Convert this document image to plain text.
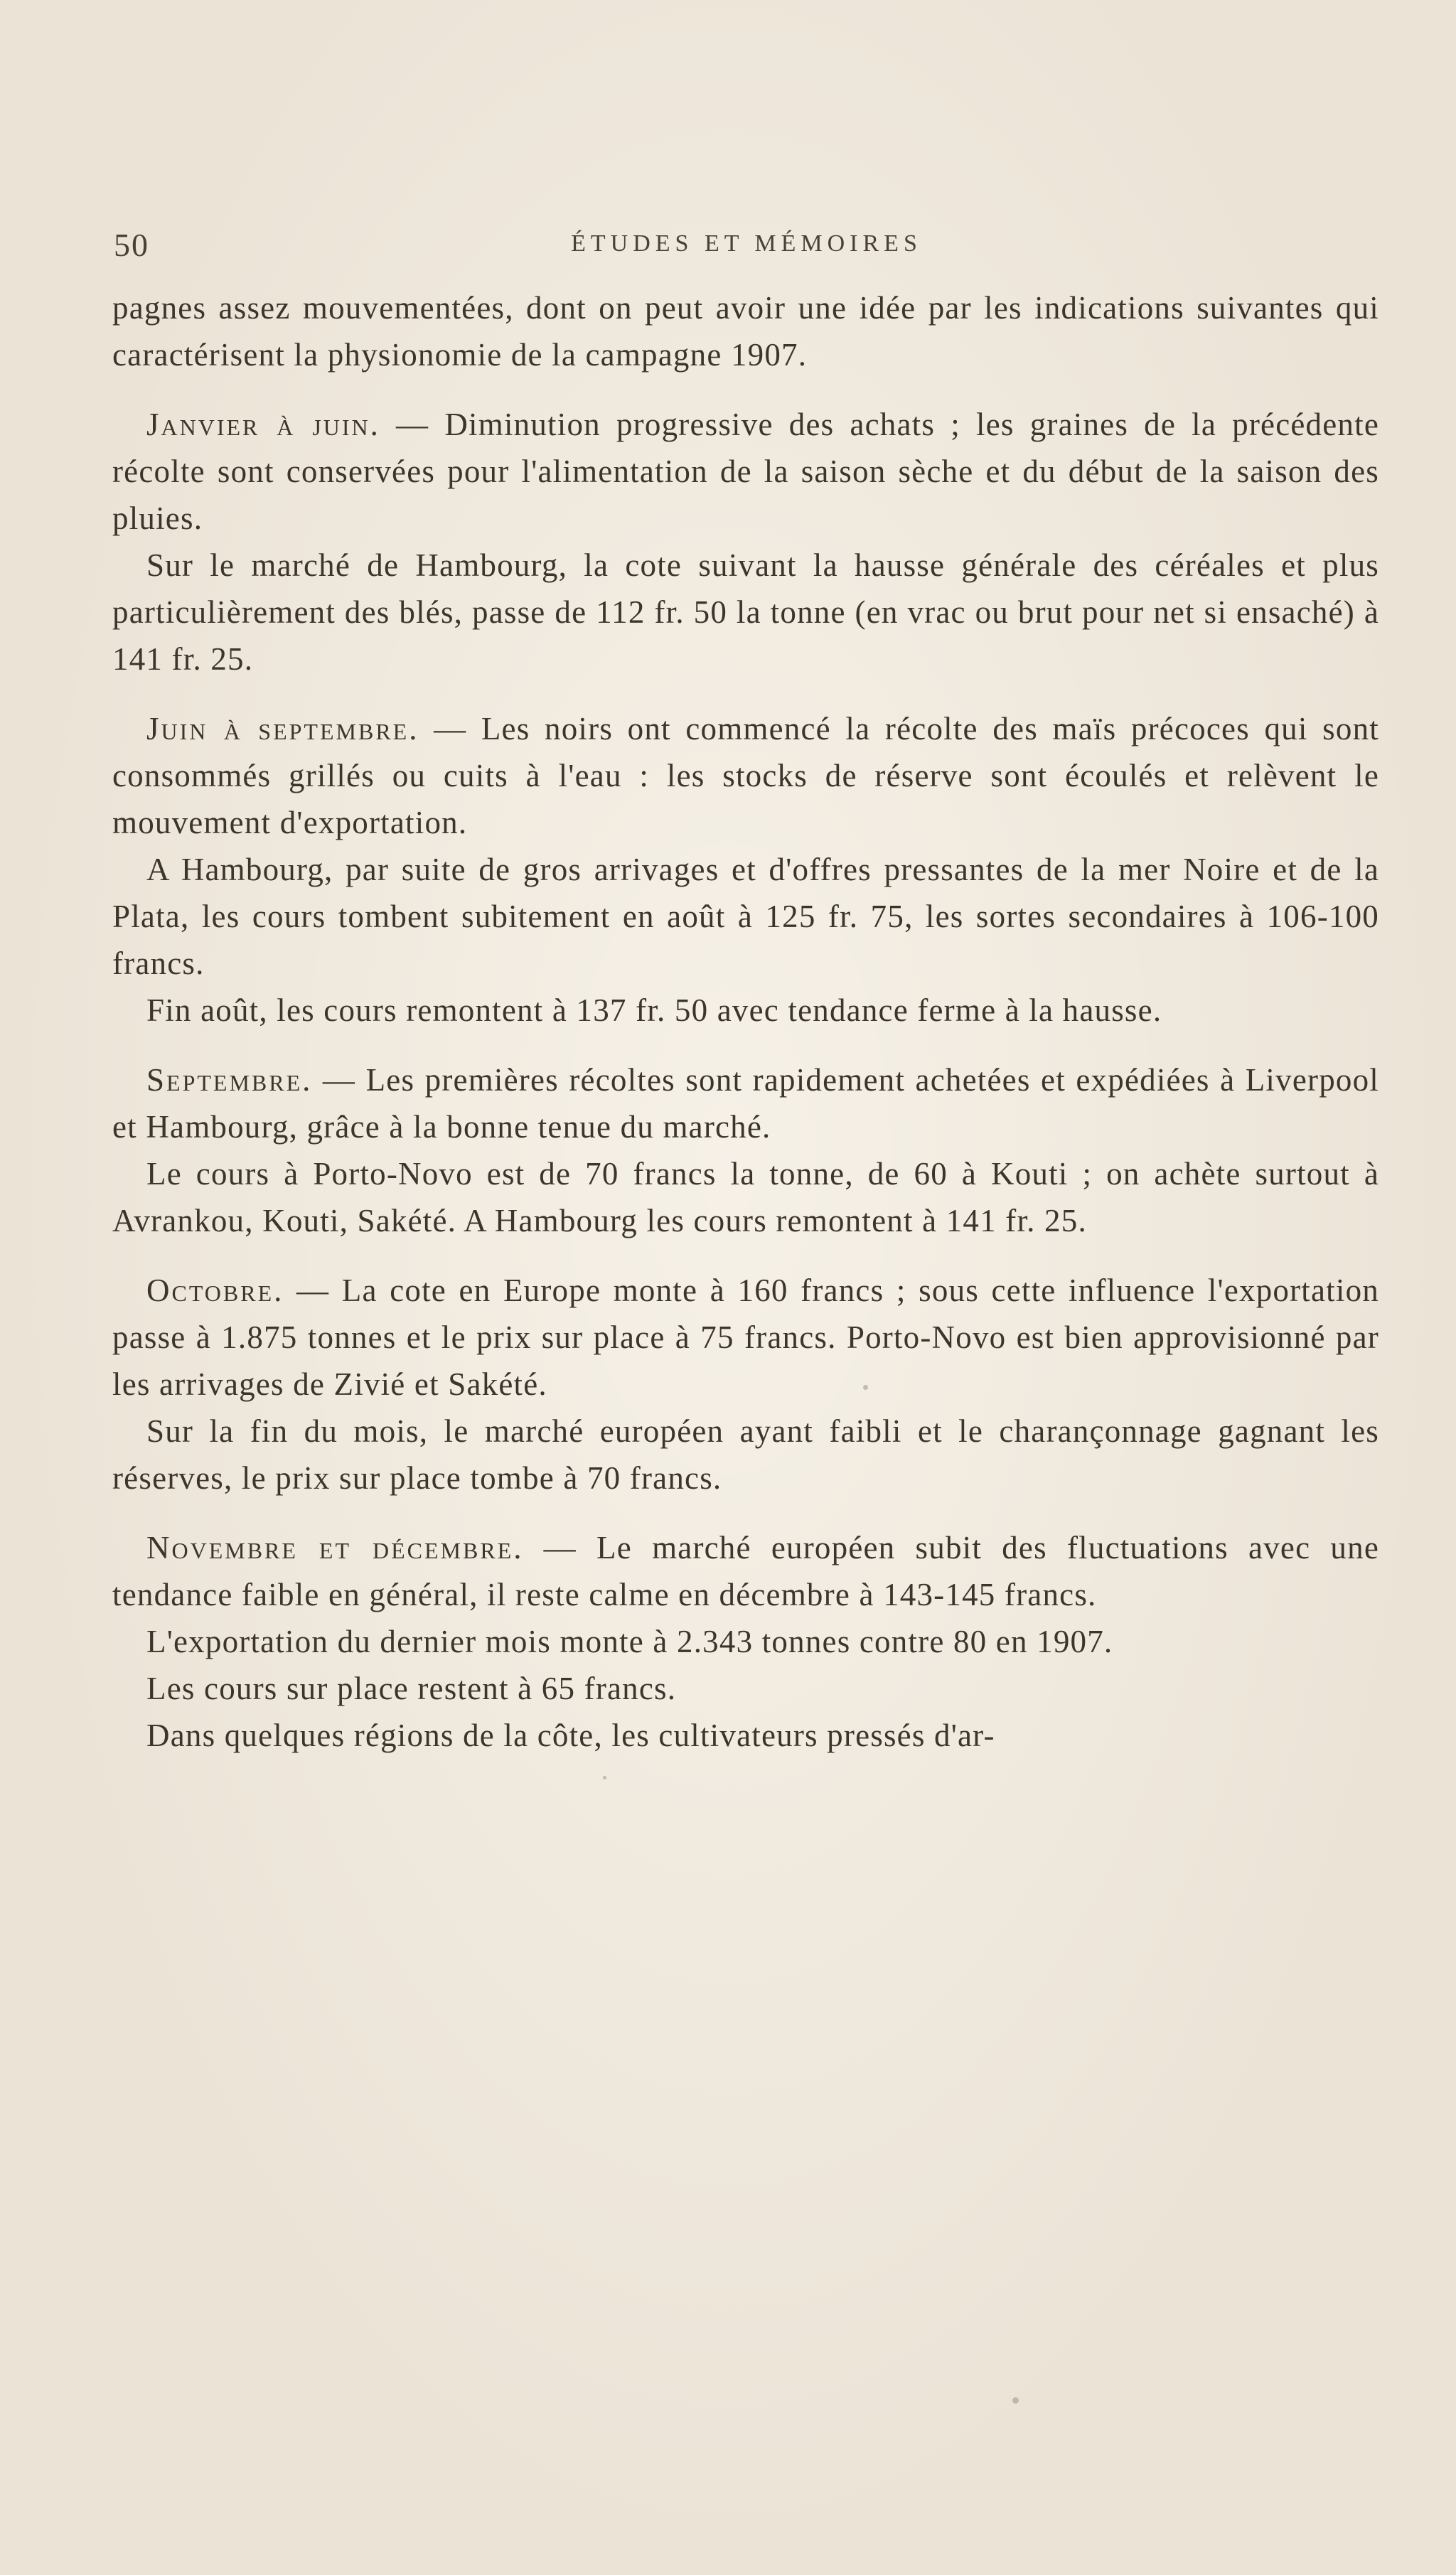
50	ÉTUDES ET MÉMOIRES

pagnes assez mouvementées, dont on peut avoir une idée par les indications suivantes qui caractérisent la physionomie de la campagne 1907.

Janvier à juin. — Diminution progressive des achats ; les graines de la précédente récolte sont conservées pour l'alimentation de la saison sèche et du début de la saison des pluies.

Sur le marché de Hambourg, la cote suivant la hausse générale des céréales et plus particulièrement des blés, passe de 112 fr. 50 la tonne (en vrac ou brut pour net si ensaché) à 141 fr. 25.

Juin à septembre. — Les noirs ont commencé la récolte des maïs précoces qui sont consommés grillés ou cuits à l'eau : les stocks de réserve sont écoulés et relèvent le mouvement d'exportation.

A Hambourg, par suite de gros arrivages et d'offres pressantes de la mer Noire et de la Plata, les cours tombent subitement en août à 125 fr. 75, les sortes secondaires à 106-100 francs.

Fin août, les cours remontent à 137 fr. 50 avec tendance ferme à la hausse.

Septembre. — Les premières récoltes sont rapidement achetées et expédiées à Liverpool et Hambourg, grâce à la bonne tenue du marché.

Le cours à Porto-Novo est de 70 francs la tonne, de 60 à Kouti ; on achète surtout à Avrankou, Kouti, Sakété. A Hambourg les cours remontent à 141 fr. 25.

Octobre. — La cote en Europe monte à 160 francs ; sous cette influence l'exportation passe à 1.875 tonnes et le prix sur place à 75 francs. Porto-Novo est bien approvisionné par les arrivages de Zivié et Sakété.

Sur la fin du mois, le marché européen ayant faibli et le charançonnage gagnant les réserves, le prix sur place tombe à 70 francs.

Novembre et décembre. — Le marché européen subit des fluctuations avec une tendance faible en général, il reste calme en décembre à 143-145 francs.

L'exportation du dernier mois monte à 2.343 tonnes contre 80 en 1907.

Les cours sur place restent à 65 francs.

Dans quelques régions de la côte, les cultivateurs pressés d'ar-
